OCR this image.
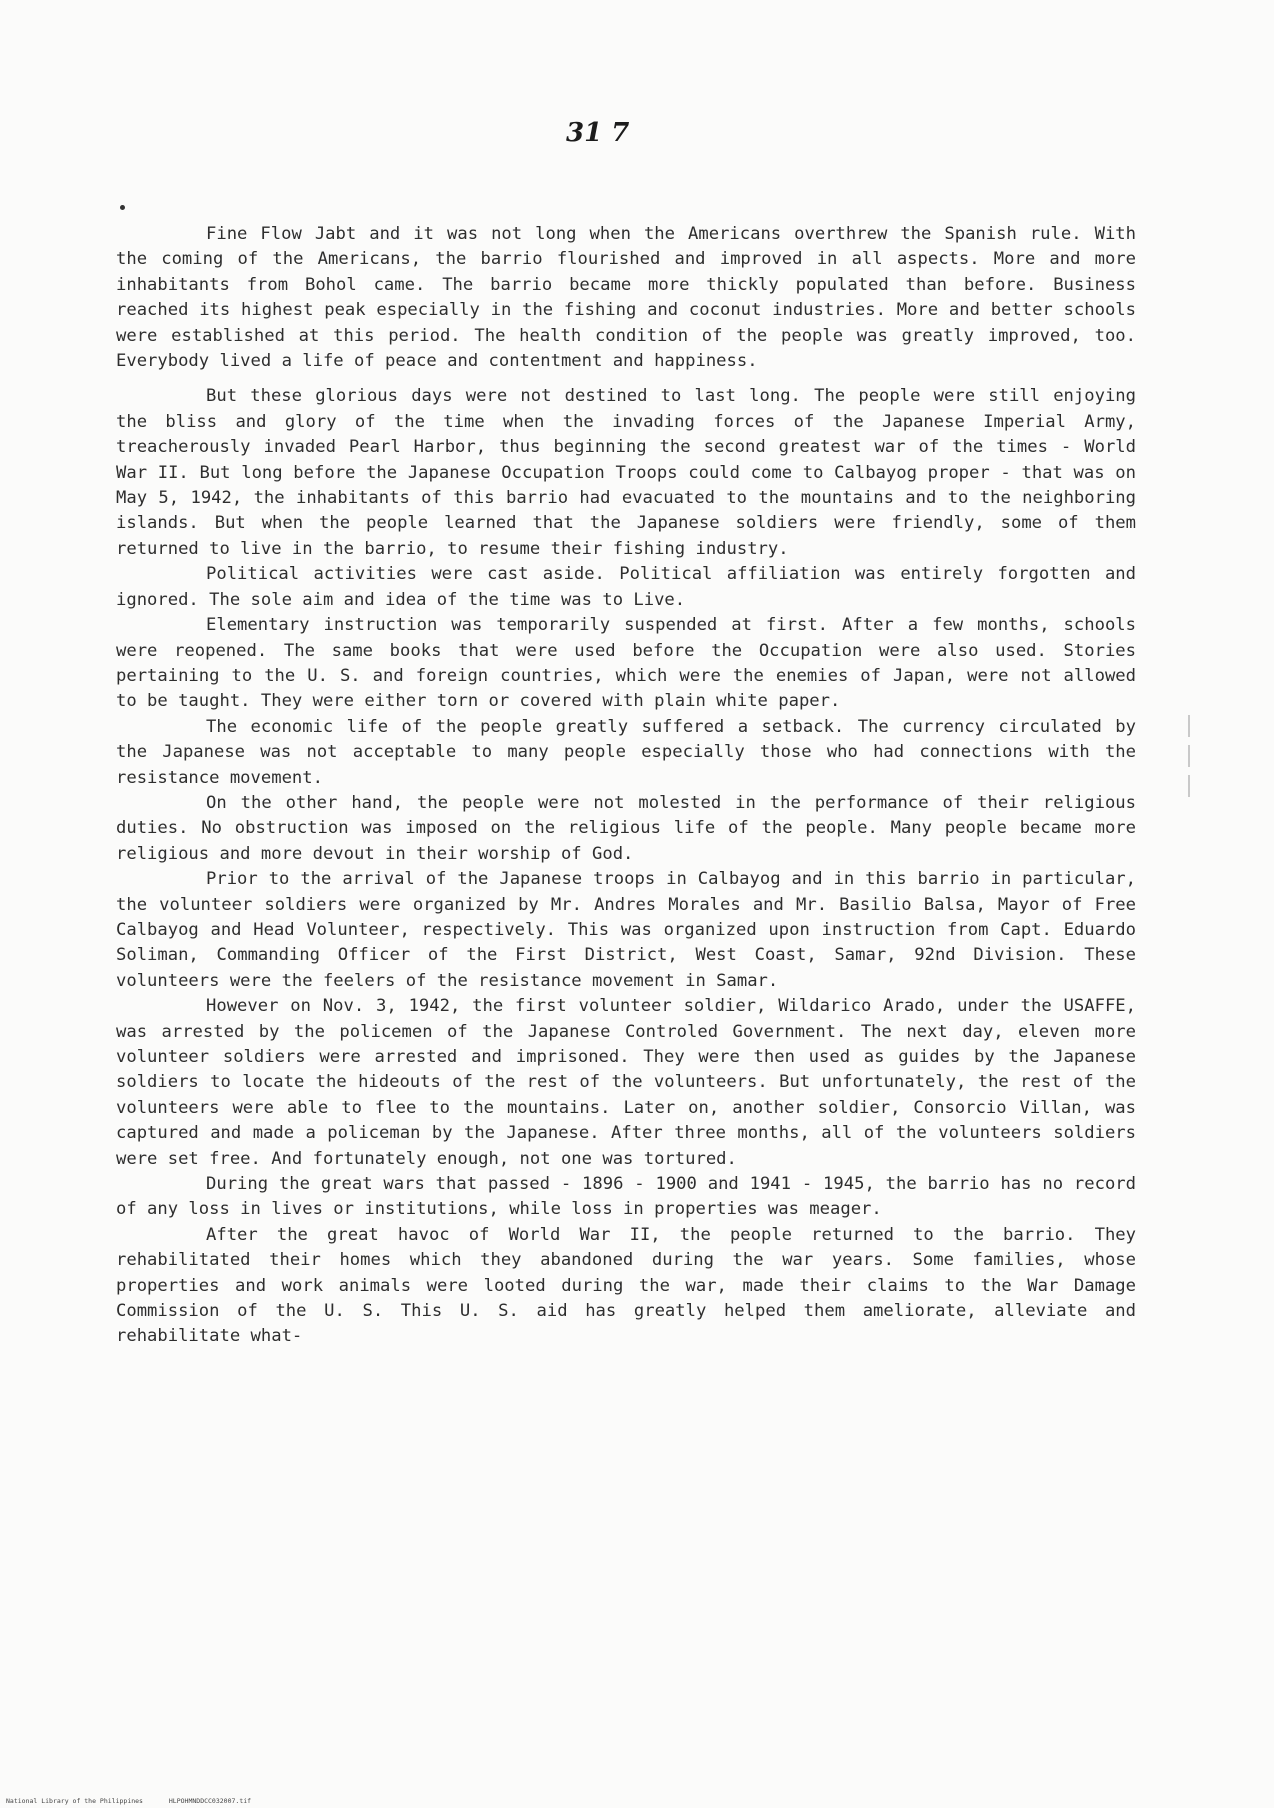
31 7

Fine Flow Jabt and it was not long when the Americans overthrew the Spanish rule. With the coming of the Americans, the barrio flourished and improved in all aspects. More and more inhabitants from Bohol came. The barrio became more thickly populated than before. Business reached its highest peak especially in the fishing and coconut industries. More and better schools were established at this period. The health condition of the people was greatly improved, too. Everybody lived a life of peace and contentment and happiness.

But these glorious days were not destined to last long. The people were still enjoying the bliss and glory of the time when the invading forces of the Japanese Imperial Army, treacherously invaded Pearl Harbor, thus beginning the second greatest war of the times - World War II. But long before the Japanese Occupation Troops could come to Calbayog proper - that was on May 5, 1942, the inhabitants of this barrio had evacuated to the mountains and to the neighboring islands. But when the people learned that the Japanese soldiers were friendly, some of them returned to live in the barrio, to resume their fishing industry.

Political activities were cast aside. Political affiliation was entirely forgotten and ignored. The sole aim and idea of the time was to Live.

Elementary instruction was temporarily suspended at first. After a few months, schools were reopened. The same books that were used before the Occupation were also used. Stories pertaining to the U. S. and foreign countries, which were the enemies of Japan, were not allowed to be taught. They were either torn or covered with plain white paper.

The economic life of the people greatly suffered a setback. The currency circulated by the Japanese was not acceptable to many people especially those who had connections with the resistance movement.

On the other hand, the people were not molested in the performance of their religious duties. No obstruction was imposed on the religious life of the people. Many people became more religious and more devout in their worship of God.

Prior to the arrival of the Japanese troops in Calbayog and in this barrio in particular, the volunteer soldiers were organized by Mr. Andres Morales and Mr. Basilio Balsa, Mayor of Free Calbayog and Head Volunteer, respectively. This was organized upon instruction from Capt. Eduardo Soliman, Commanding Officer of the First District, West Coast, Samar, 92nd Division. These volunteers were the feelers of the resistance movement in Samar.

However on Nov. 3, 1942, the first volunteer soldier, Wildarico Arado, under the USAFFE, was arrested by the policemen of the Japanese Controled Government. The next day, eleven more volunteer soldiers were arrested and imprisoned. They were then used as guides by the Japanese soldiers to locate the hideouts of the rest of the volunteers. But unfortunately, the rest of the volunteers were able to flee to the mountains. Later on, another soldier, Consorcio Villan, was captured and made a policeman by the Japanese. After three months, all of the volunteers soldiers were set free. And fortunately enough, not one was tortured.

During the great wars that passed - 1896 - 1900 and 1941 - 1945, the barrio has no record of any loss in lives or institutions, while loss in properties was meager.

After the great havoc of World War II, the people returned to the barrio. They rehabilitated their homes which they abandoned during the war years. Some families, whose properties and work animals were looted during the war, made their claims to the War Damage Commission of the U. S. This U. S. aid has greatly helped them ameliorate, alleviate and rehabilitate what-

National Library of the Philippines	HLPOHMNDDCC032007.tif
